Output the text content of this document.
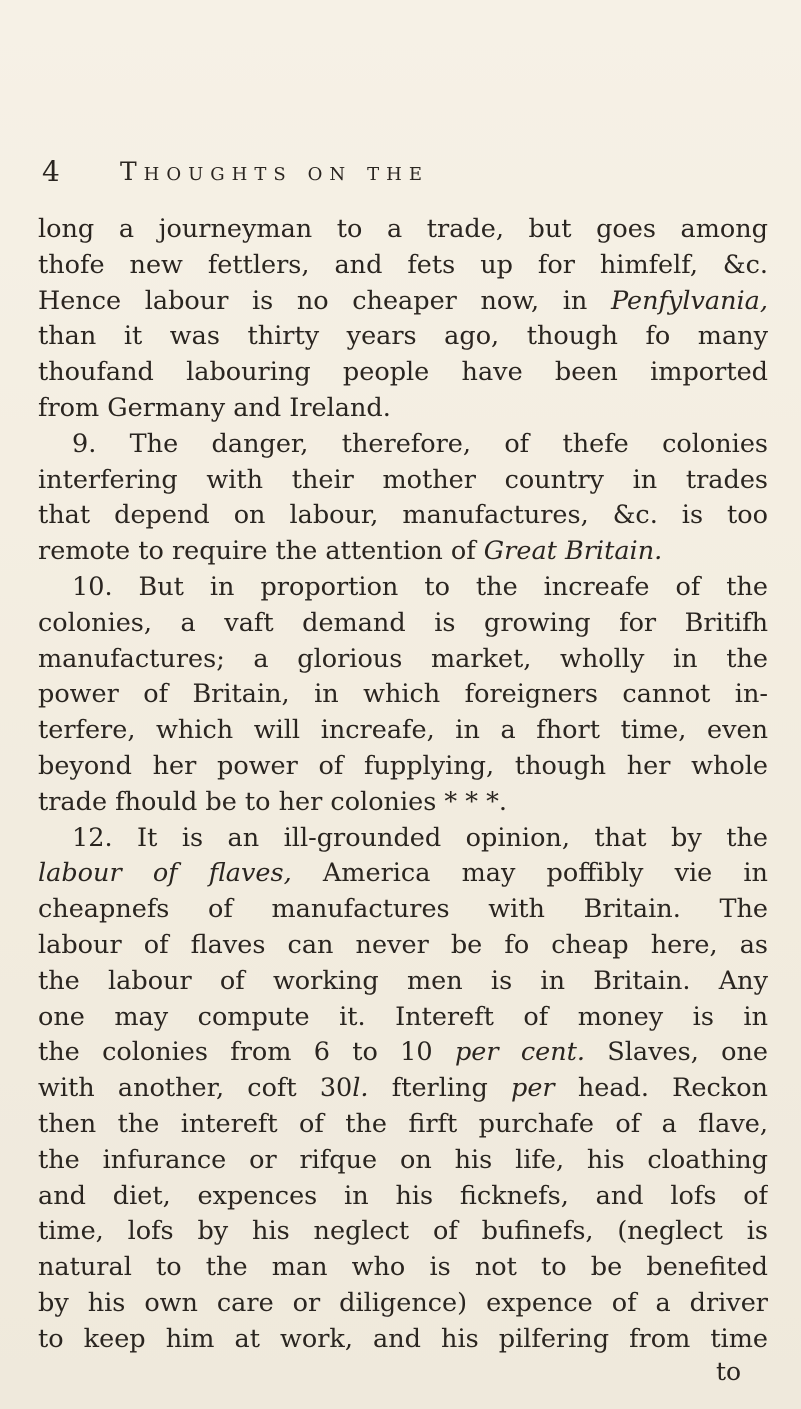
4 Thoughts on the
long a journeyman to a trade, but goes among
thofe new fettlers, and fets up for himfelf, &c.
Hence labour is no cheaper now, in Penfylvania,
than it was thirty years ago, though fo many
thoufand labouring people have been imported
from Germany and Ireland.
9. The danger, therefore, of thefe colonies
interfering with their mother country in trades
that depend on labour, manufactures, &c. is too
remote to require the attention of Great Britain.
10. But in proportion to the increafe of the
colonies, a vaft demand is growing for Britifh
manufactures; a glorious market, wholly in the
power of Britain, in which foreigners cannot in-
terfere, which will increafe, in a fhort time, even
beyond her power of fupplying, though her whole
trade fhould be to her colonies * * *.
12. It is an ill-grounded opinion, that by the
labour of flaves, America may poffibly vie in
cheapnefs of manufactures with Britain. The
labour of flaves can never be fo cheap here, as
the labour of working men is in Britain. Any
one may compute it. Intereft of money is in
the colonies from 6 to 10 per cent. Slaves, one
with another, coft 30l. fterling per head. Reckon
then the intereft of the firft purchafe of a flave,
the infurance or rifque on his life, his cloathing
and diet, expences in his ficknefs, and lofs of
time, lofs by his neglect of bufinefs, (neglect is
natural to the man who is not to be benefited
by his own care or diligence) expence of a driver
to keep him at work, and his pilfering from time
to
